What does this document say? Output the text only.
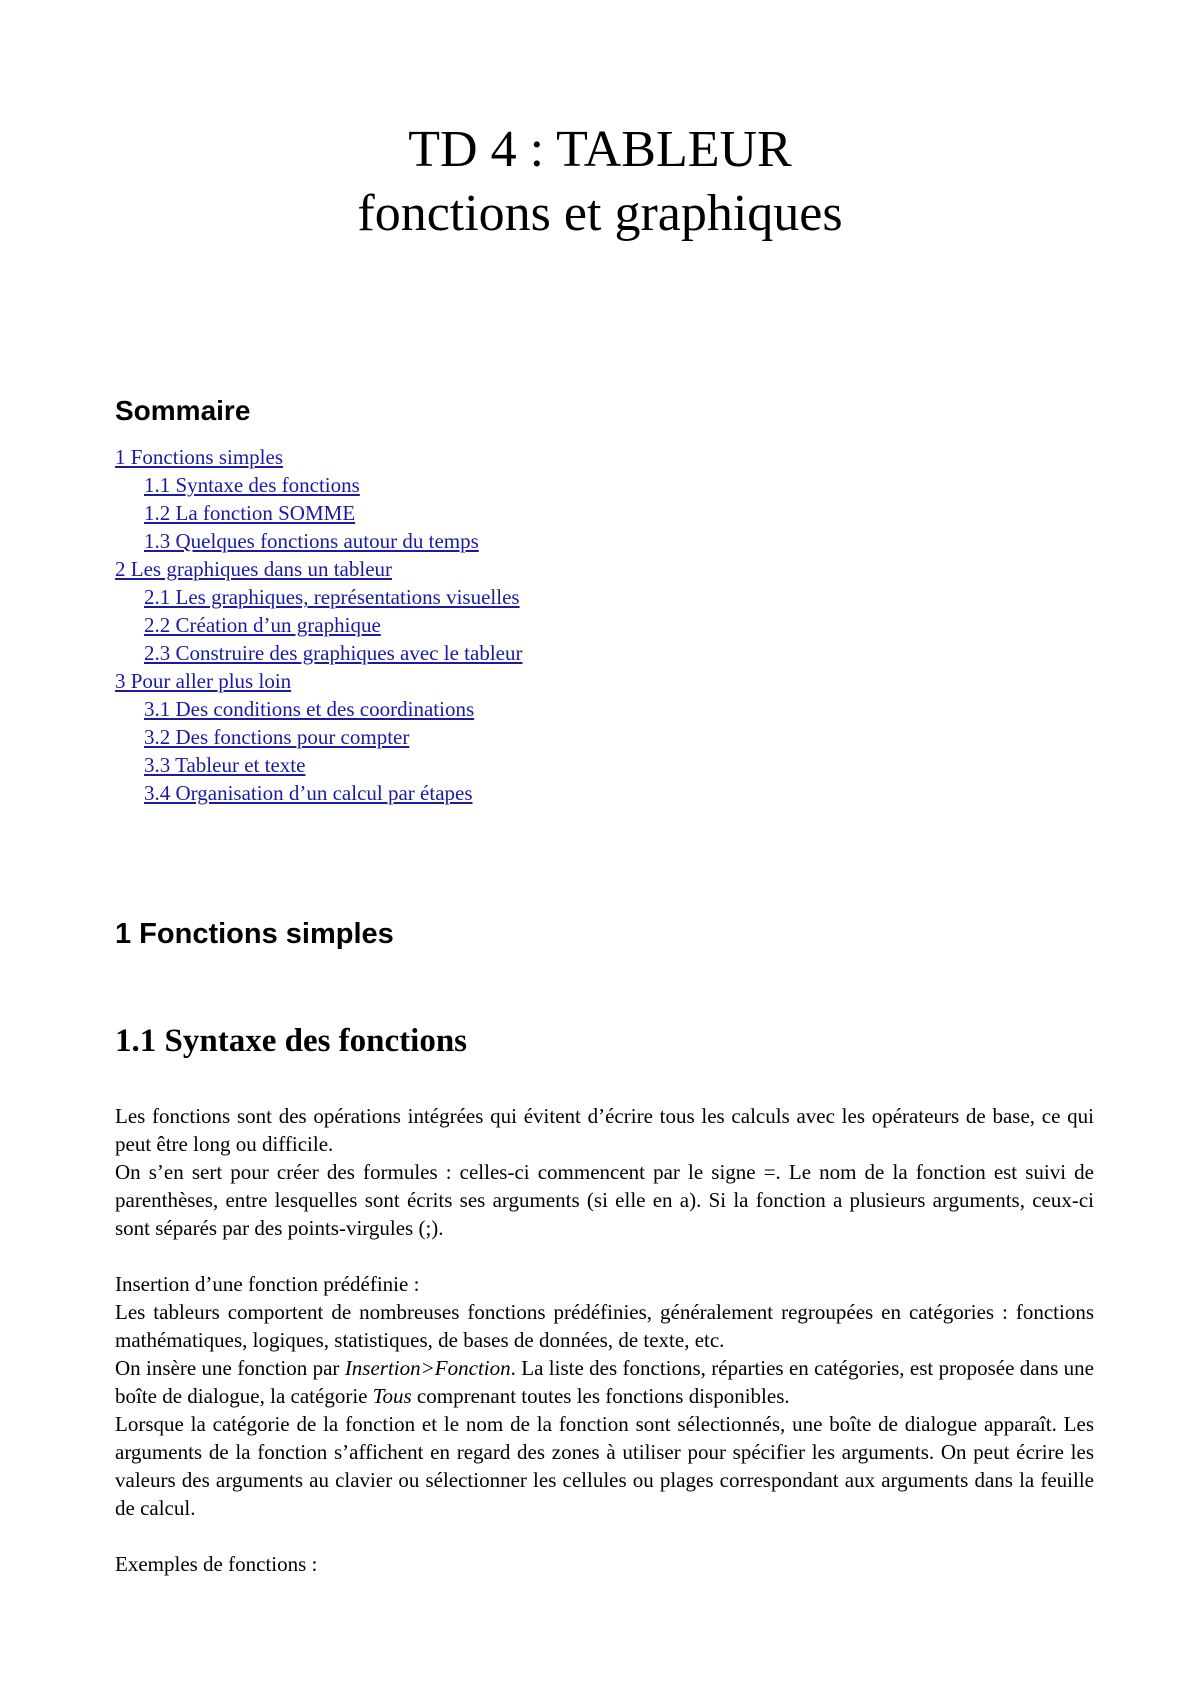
TD 4 : TABLEUR
fonctions et graphiques
Sommaire
1 Fonctions simples
1.1 Syntaxe des fonctions
1.2 La fonction SOMME
1.3 Quelques fonctions autour du temps
2 Les graphiques dans un tableur
2.1 Les graphiques, représentations visuelles
2.2 Création d’un graphique
2.3 Construire des graphiques avec le tableur
3 Pour aller plus loin
3.1 Des conditions et des coordinations
3.2 Des fonctions pour compter
3.3 Tableur et texte
3.4 Organisation d’un calcul par étapes
1 Fonctions simples
1.1 Syntaxe des fonctions

Les fonctions sont des opérations intégrées qui évitent d’écrire tous les calculs avec les opérateurs de base, ce qui peut être long ou difficile.

On s’en sert pour créer des formules : celles-ci commencent par le signe =. Le nom de la fonction est suivi de parenthèses, entre lesquelles sont écrits ses arguments (si elle en a). Si la fonction a plusieurs arguments, ceux-ci sont séparés par des points-virgules (;).

Insertion d’une fonction prédéfinie :

Les tableurs comportent de nombreuses fonctions prédéfinies, généralement regroupées en catégories : fonctions mathématiques, logiques, statistiques, de bases de données, de texte, etc.

On insère une fonction par Insertion>Fonction. La liste des fonctions, réparties en catégories, est proposée dans une boîte de dialogue, la catégorie Tous comprenant toutes les fonctions disponibles.

Lorsque la catégorie de la fonction et le nom de la fonction sont sélectionnés, une boîte de dialogue apparaît. Les arguments de la fonction s’affichent en regard des zones à utiliser pour spécifier les arguments. On peut écrire les valeurs des arguments au clavier ou sélectionner les cellules ou plages correspondant aux arguments dans la feuille de calcul.

Exemples de fonctions :
